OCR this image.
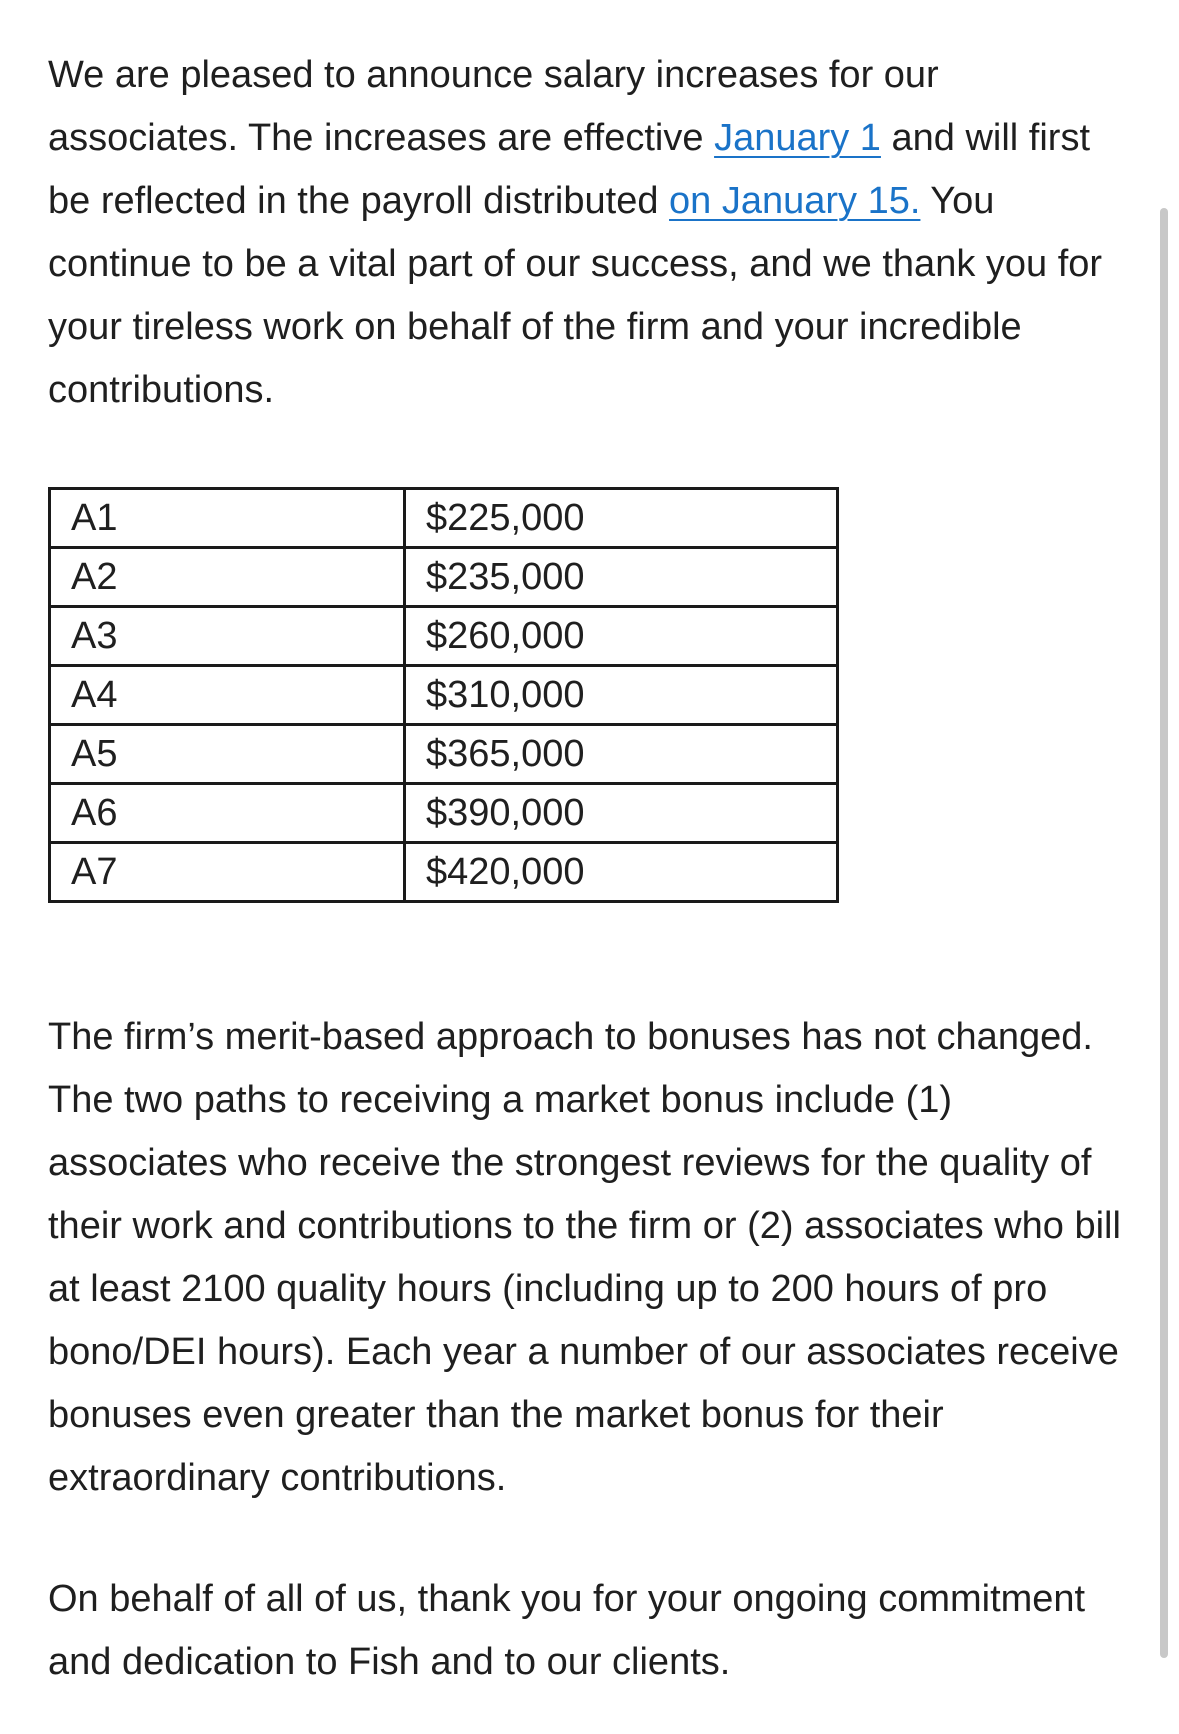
We are pleased to announce salary increases for our associates. The increases are effective January 1 and will first be reflected in the payroll distributed on January 15. You continue to be a vital part of our success, and we thank you for your tireless work on behalf of the firm and your incredible contributions.

A1	$225,000
A2	$235,000
A3	$260,000
A4	$310,000
A5	$365,000
A6	$390,000
A7	$420,000

The firm’s merit-based approach to bonuses has not changed. The two paths to receiving a market bonus include (1) associates who receive the strongest reviews for the quality of their work and contributions to the firm or (2) associates who bill at least 2100 quality hours (including up to 200 hours of pro bono/DEI hours). Each year a number of our associates receive bonuses even greater than the market bonus for their extraordinary contributions.

On behalf of all of us, thank you for your ongoing commitment and dedication to Fish and to our clients.
